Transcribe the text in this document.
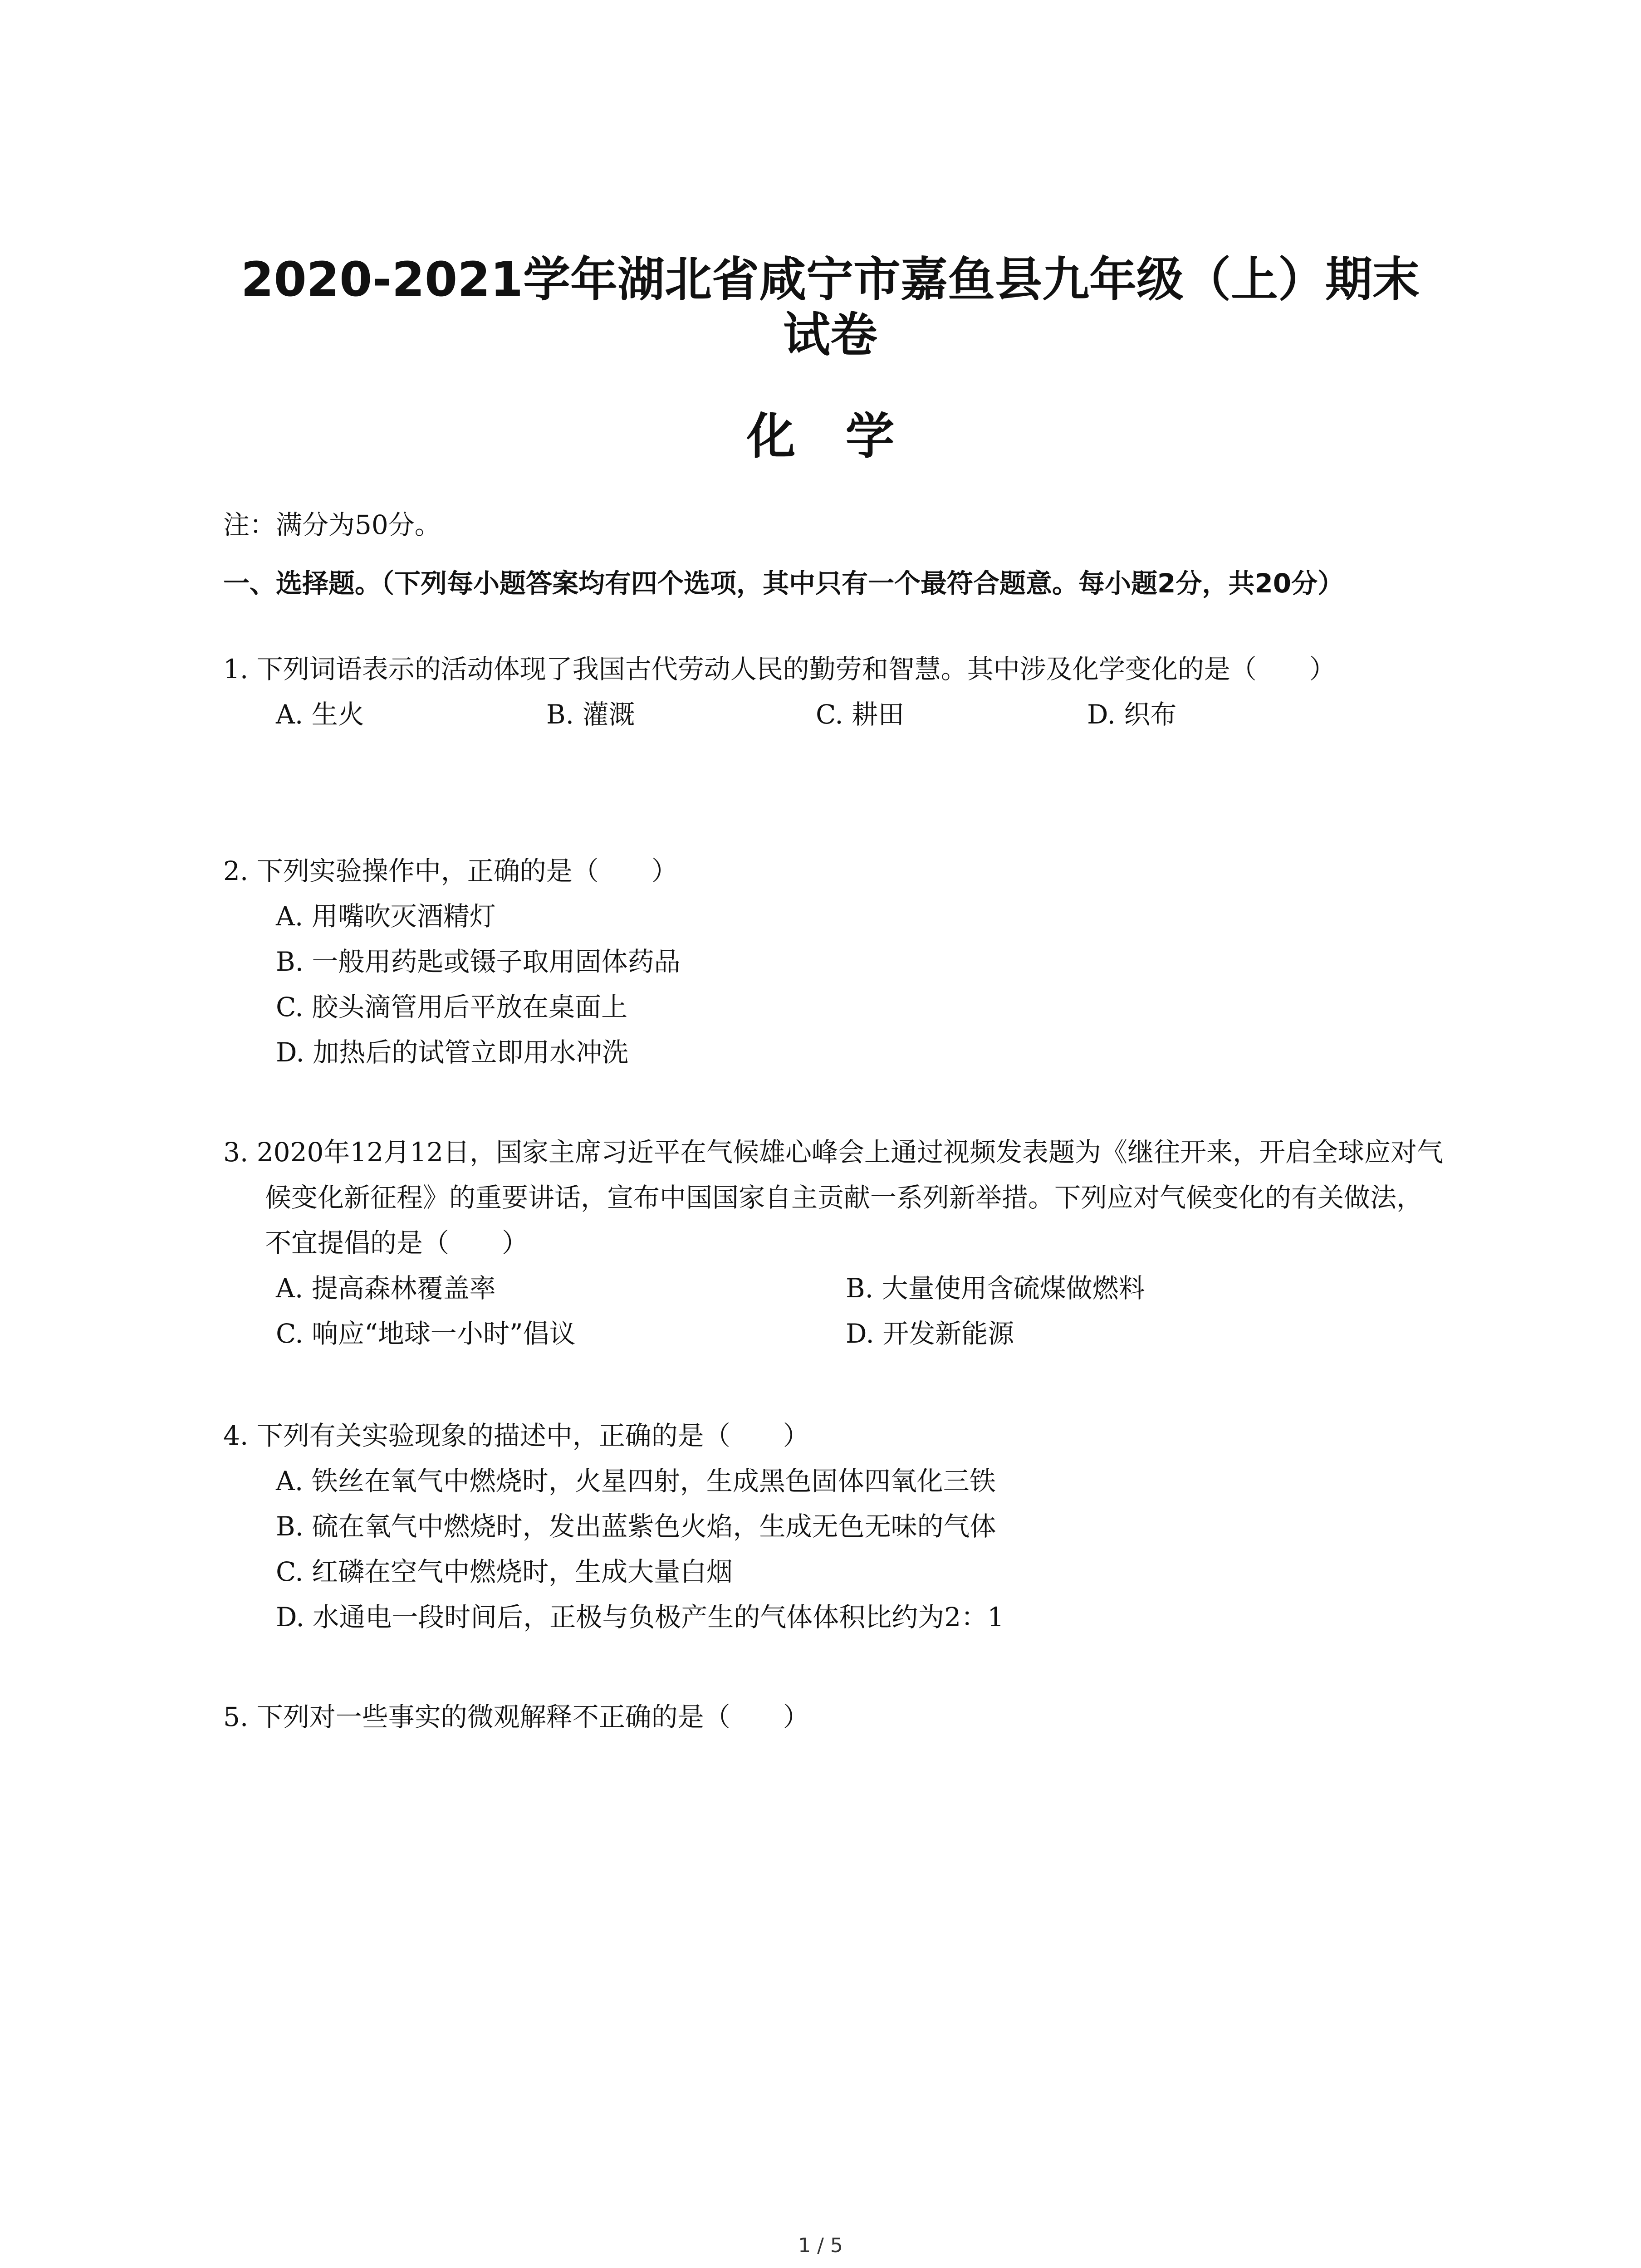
2020-2021学年湖北省咸宁市嘉鱼县九年级（上）期末试卷
化学
注：满分为50分。
一、选择题。（下列每小题答案均有四个选项，其中只有一个最符合题意。每小题2分，共20分）
1. 下列词语表示的活动体现了我国古代劳动人民的勤劳和智慧。其中涉及化学变化的是（　　）
A. 生火	B. 灌溉	C. 耕田	D. 织布
2. 下列实验操作中，正确的是（　　）
A. 用嘴吹灭酒精灯
B. 一般用药匙或镊子取用固体药品
C. 胶头滴管用后平放在桌面上
D. 加热后的试管立即用水冲洗
3. 2020年12月12日，国家主席习近平在气候雄心峰会上通过视频发表题为《继往开来，开启全球应对气候变化新征程》的重要讲话，宣布中国国家自主贡献一系列新举措。下列应对气候变化的有关做法，不宜提倡的是（　　）
A. 提高森林覆盖率	B. 大量使用含硫煤做燃料
C. 响应“地球一小时”倡议	D. 开发新能源
4. 下列有关实验现象的描述中，正确的是（　　）
A. 铁丝在氧气中燃烧时，火星四射，生成黑色固体四氧化三铁
B. 硫在氧气中燃烧时，发出蓝紫色火焰，生成无色无味的气体
C. 红磷在空气中燃烧时，生成大量白烟
D. 水通电一段时间后，正极与负极产生的气体体积比约为2：1
5. 下列对一些事实的微观解释不正确的是（　　）
1 / 5
